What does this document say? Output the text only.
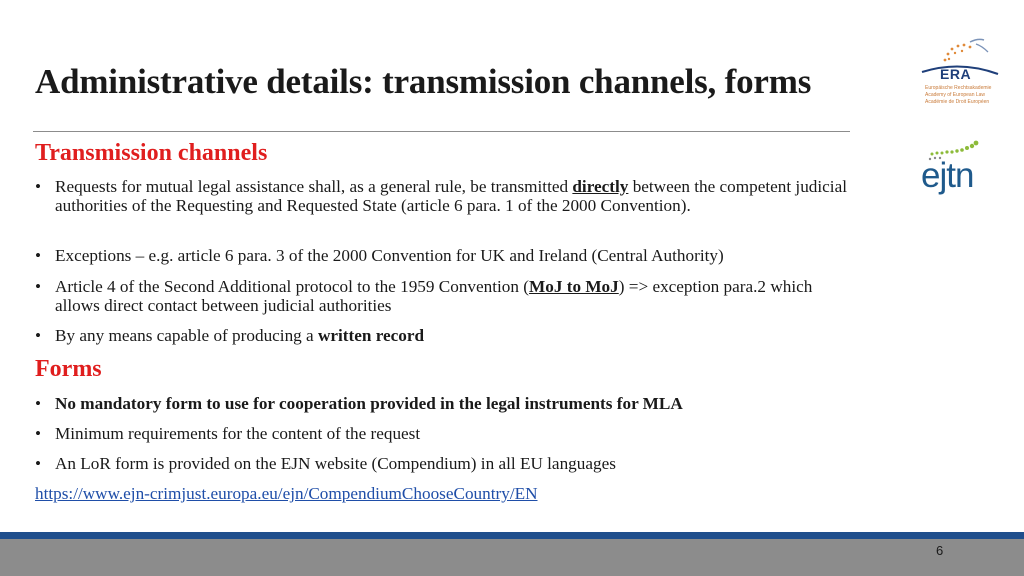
Administrative details: transmission channels, forms	ERA
Europäische Rechtsakademie
Academy of European Law
Académie de Droit Européen
ejtn
Transmission channels
• Requests for mutual legal assistance shall, as a general rule, be transmitted directly between the competent judicial authorities of the Requesting and Requested State (article 6 para. 1 of the 2000 Convention).
• Exceptions – e.g. article 6 para. 3 of the 2000 Convention for UK and Ireland (Central Authority)
• Article 4 of the Second Additional protocol to the 1959 Convention (MoJ to MoJ) => exception para.2 which allows direct contact between judicial authorities
• By any means capable of producing a written record
Forms
• No mandatory form to use for cooperation provided in the legal instruments for MLA
• Minimum requirements for the content of the request
• An LoR form is provided on the EJN website (Compendium) in all EU languages
https://www.ejn-crimjust.europa.eu/ejn/CompendiumChooseCountry/EN
6
